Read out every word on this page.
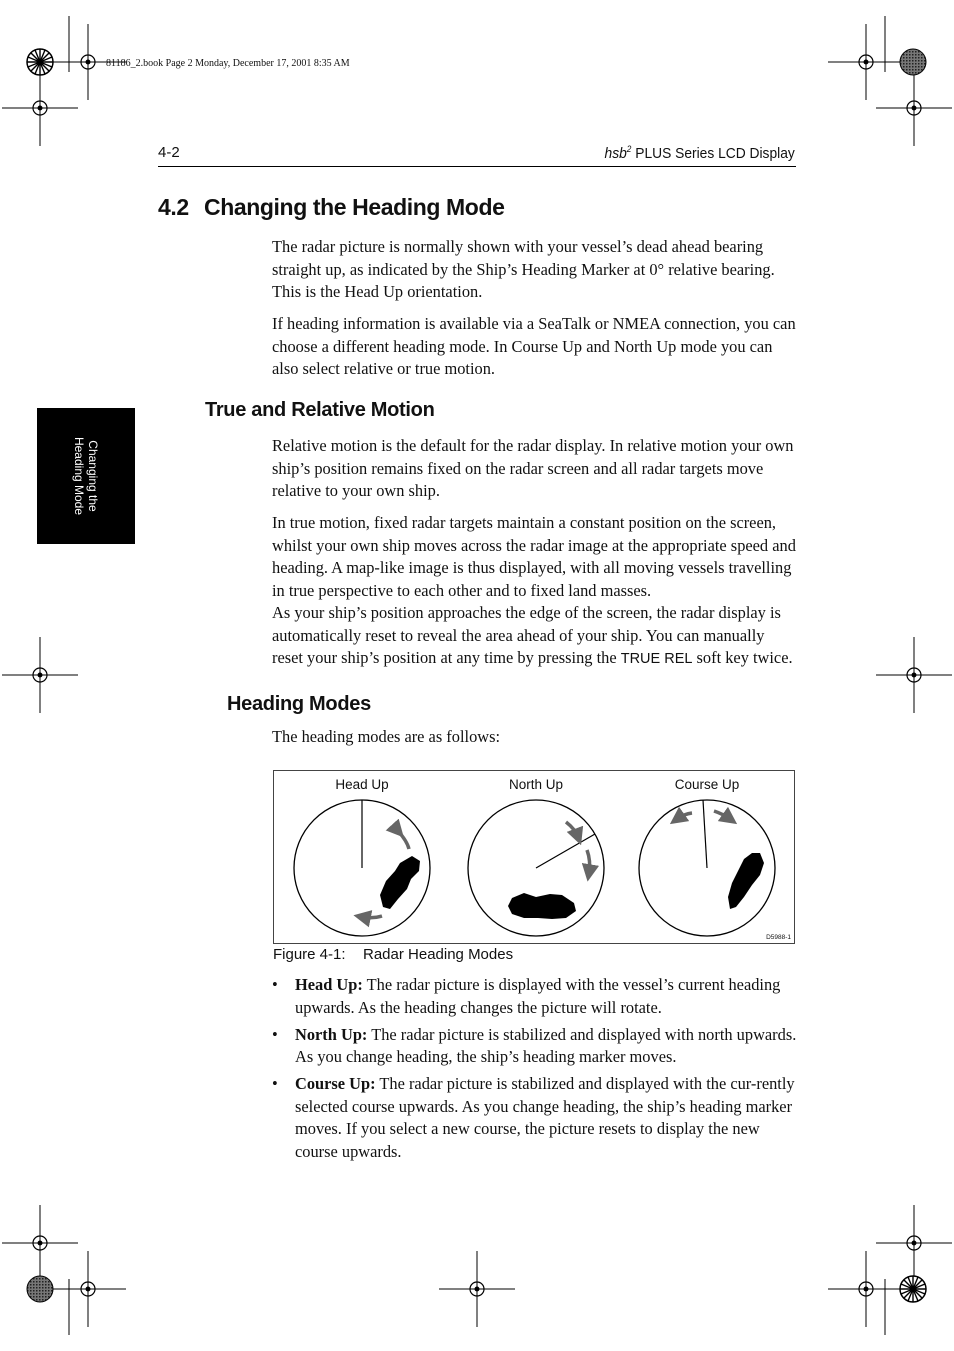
81186_2.book Page 2 Monday, December 17, 2001 8:35 AM
4-2	hsb$^2$ PLUS Series LCD Display
Changing the
Heading Mode
4.2 Changing the Heading Mode

The radar picture is normally shown with your vessel’s dead ahead bearing straight up, as indicated by the Ship’s Heading Marker at 0° relative bearing. This is the Head Up orientation.

If heading information is available via a SeaTalk or NMEA connection, you can choose a different heading mode. In Course Up and North Up mode you can also select relative or true motion.

True and Relative Motion

Relative motion is the default for the radar display. In relative motion your own ship’s position remains fixed on the radar screen and all radar targets move relative to your own ship.

In true motion, fixed radar targets maintain a constant position on the screen, whilst your own ship moves across the radar image at the appropriate speed and heading. A map-like image is thus displayed, with all moving vessels travelling in true perspective to each other and to fixed land masses.

As your ship’s position approaches the edge of the screen, the radar display is automatically reset to reveal the area ahead of your ship. You can manually reset your ship’s position at any time by pressing the TRUE REL soft key twice.

Heading Modes

The heading modes are as follows:

Head Up	North Up	Course Up
D5988-1
Figure 4-1: Radar Heading Modes
• Head Up: The radar picture is displayed with the vessel’s current heading upwards. As the heading changes the picture will rotate.
• North Up: The radar picture is stabilized and displayed with north upwards. As you change heading, the ship’s heading marker moves.
• Course Up: The radar picture is stabilized and displayed with the cur-rently selected course upwards. As you change heading, the ship’s heading marker moves. If you select a new course, the picture resets to display the new course upwards.
